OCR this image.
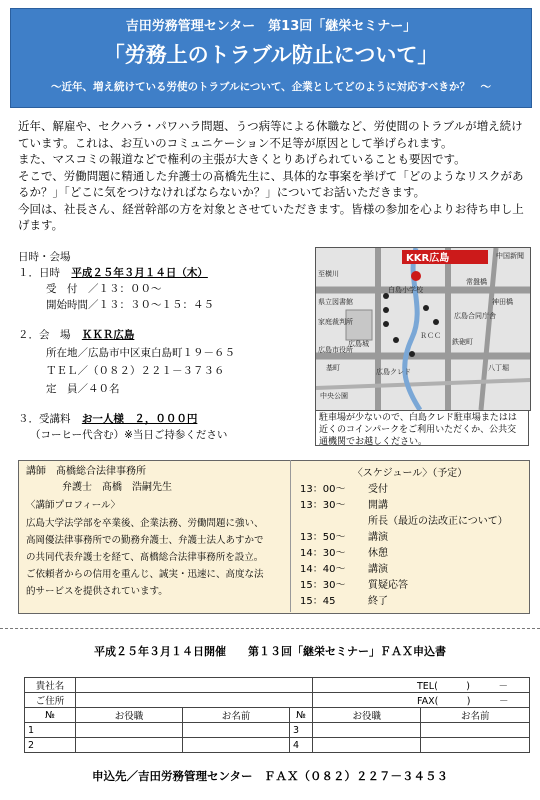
吉田労務管理センター　第13回「継栄セミナー」
「労務上のトラブル防止について」
～近年、増え続けている労使のトラブルについて、企業としてどのように対応すべきか？　～

近年、解雇や、セクハラ・パワハラ問題、うつ病等による休職など、労使間のトラブルが増え続けています。これは、お互いのコミュニケーション不足等が原因として挙げられます。

また、マスコミの報道などで権利の主張が大きくとりあげられていることも要因です。

そこで、労働問題に精通した弁護士の髙橋先生に、具体的な事案を挙げて「どのようなリスクがあるか？」「どこに気をつけなければならないか？」についてお話いただきます。

今回は、社長さん、経営幹部の方を対象とさせていただきます。皆様の参加を心よりお待ち申し上げます。

日時・会場
１．日時 平成２５年３月１４日（木）
受　付　／１３：００～
開始時間／１３：３０～１５：４５
２．会　場 ＫＫＲ広島
所在地／広島市中区東白島町１９－６５
ＴＥＬ／（０８２）２２１－３７３６
定　員／４０名
３．受講料 お一人様　２，０００円
（コーヒー代含む）※当日ご持参ください
KKR広島
至横川
中国新聞
県立図書館
白島小学校
家庭裁判所
広島城
基町
中央公園
広島市役所
ＲＣＣ
鉄砲町
八丁堀
広島クレド
広島合同庁舎
常盤橋
神田橋
駐車場が少ないので、白島クレド駐車場またはは近くのコインパークをご利用いただくか、公共交通機関でお越しください。
講師　髙橋総合法律事務所
弁護士　髙橋　浩嗣先生
〈講師プロフィール〉
広島大学法学部を卒業後、企業法務、労働問題に強い、
高岡優法律事務所での勤務弁護士、弁護士法人あすかで
の共同代表弁護士を経て、髙橋総合法律事務所を設立。
ご依頼者からの信用を重んじ、誠実・迅速に、高度な法
的サービスを提供されています。
〈スケジュール〉（予定）
13：00～ 受付
13：30～ 開講
所長（最近の法改正について）
13：50～ 講演
14：30～ 休憩
14：40～ 講演
15：30～ 質疑応答
15：45	終了
平成２５年３月１４日開催　　第１３回「継栄セミナー」ＦＡＸ申込書
貴社名				TEL(　　　)　　　－	
ご住所				FAX(　　　)　　　－	
№	お役職	お名前	№	お役職	お名前
1			3		
2			4		
申込先／吉田労務管理センター　ＦＡＸ（０８２）２２７－３４５３
